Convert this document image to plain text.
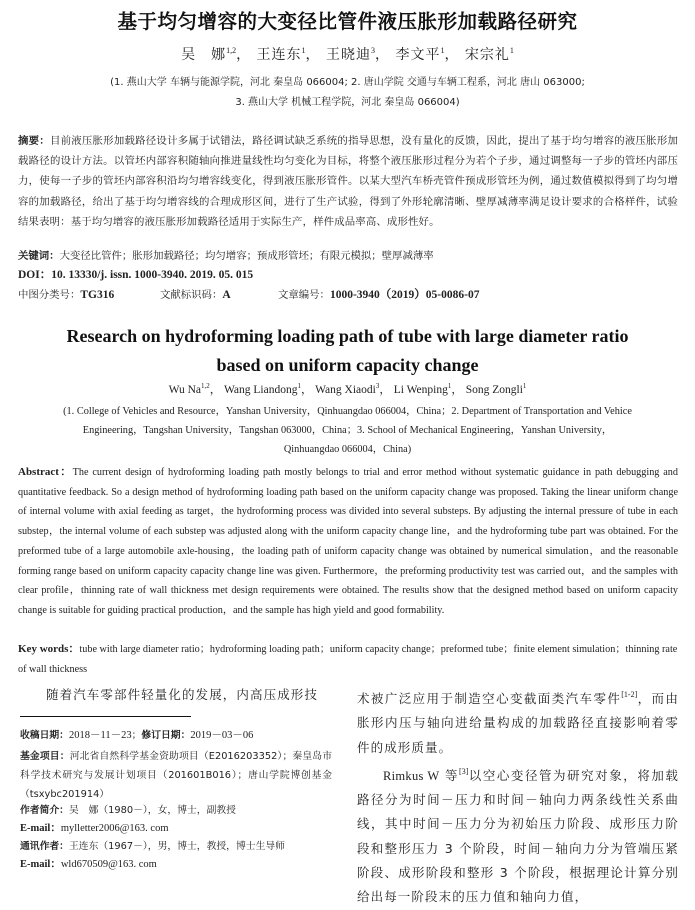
基于均匀增容的大变径比管件液压胀形加载路径研究
吴　娜$^{1,2}$， 王连东$^1$， 王晓迪$^3$， 李文平$^1$， 宋宗礼$^1$
(1. 燕山大学 车辆与能源学院，河北 秦皇岛 066004; 2. 唐山学院 交通与车辆工程系，河北 唐山 063000;
3. 燕山大学 机械工程学院，河北 秦皇岛 066004)
摘要：目前液压胀形加载路径设计多属于试错法，路径调试缺乏系统的指导思想，没有量化的反馈，因此，提出了基于均匀增容的液压胀形加载路径的设计方法。以管坯内部容积随轴向推进量线性均匀变化为目标，将整个液压胀形过程分为若个子步，通过调整每一子步的管坯内部压力，使每一子步的管坯内部容积沿均匀增容线变化，得到液压胀形管件。以某大型汽车桥壳管件预成形管坯为例，通过数值模拟得到了均匀增容的加载路径，给出了基于均匀增容线的合理成形区间，进行了生产试验，得到了外形轮廓清晰、壁厚减薄率满足设计要求的合格样件，试验结果表明：基于均匀增容的液压胀形加载路径适用于实际生产，样件成品率高、成形性好。
关键词：大变径比管件；胀形加载路径；均匀增容；预成形管坯；有限元模拟；壁厚减薄率
DOI：10. 13330/j. issn. 1000-3940. 2019. 05. 015
中图分类号：TG316	文献标识码：A	文章编号：1000-3940（2019）05-0086-07
Research on hydroforming loading path of tube with large diameter ratio
based on uniform capacity change
Wu Na$^{1,2}$， Wang Liandong$^1$， Wang Xiaodi$^3$， Li Wenping$^1$， Song Zongli$^1$
(1. College of Vehicles and Resource，Yanshan University，Qinhuangdao 066004，China；2. Department of Transportation and Vehice
Engineering，Tangshan University，Tangshan 063000，China；3. School of Mechanical Engineering，Yanshan University，
Qinhuangdao 066004，China)
Abstract：The current design of hydroforming loading path mostly belongs to trial and error method without systematic guidance in path debugging and quantitative feedback. So a design method of hydroforming loading path based on the uniform capacity change was proposed. Taking the linear uniform change of internal volume with axial feeding as target，the hydroforming process was divided into several substeps. By adjusting the internal pressure of tube in each substep，the internal volume of each substep was adjusted along with the uniform capacity change line，and the hydroforming tube part was obtained. For the preformed tube of a large automobile axle-housing，the loading path of uniform capacity change was obtained by numerical simulation，and the reasonable forming range based on uniform capacity capacity change line was given. Furthermore，the preforming productivity test was carried out，and the samples with clear profile，thinning rate of wall thickness met design requirements were obtained. The results show that the designed method based on uniform capacity change is suitable for guiding practical production，and the sample has high yield and good formability.
Key words：tube with large diameter ratio；hydroforming loading path；uniform capacity change；preformed tube；finite element simulation；thinning rate of wall thickness
随着汽车零部件轻量化的发展，内高压成形技
收稿日期：2018－11－23；修订日期：2019－03－06
基金项目：河北省自然科学基金资助项目（E2016203352）；秦皇岛市科学技术研究与发展计划项目（201601B016）；唐山学院博创基金（tsxybc201914）
作者简介：吴　娜（1980－），女，博士，副教授
E-mail：mylletter2006@163. com
通讯作者：王连东（1967－），男，博士，教授，博士生导师
E-mail：wld670509@163. com
术被广泛应用于制造空心变截面类汽车零件[1-2]，而由胀形内压与轴向进给量构成的加载路径直接影响着零件的成形质量。
Rimkus W 等[3]以空心变径管为研究对象，将加载路径分为时间－压力和时间－轴向力两条线性关系曲线，其中时间－压力分为初始压力阶段、成形压力阶段和整形压力 3 个阶段，时间－轴向力分为管端压紧阶段、成形阶段和整形 3 个阶段，根据理论计算分别给出每一阶段末的压力值和轴向力值，
